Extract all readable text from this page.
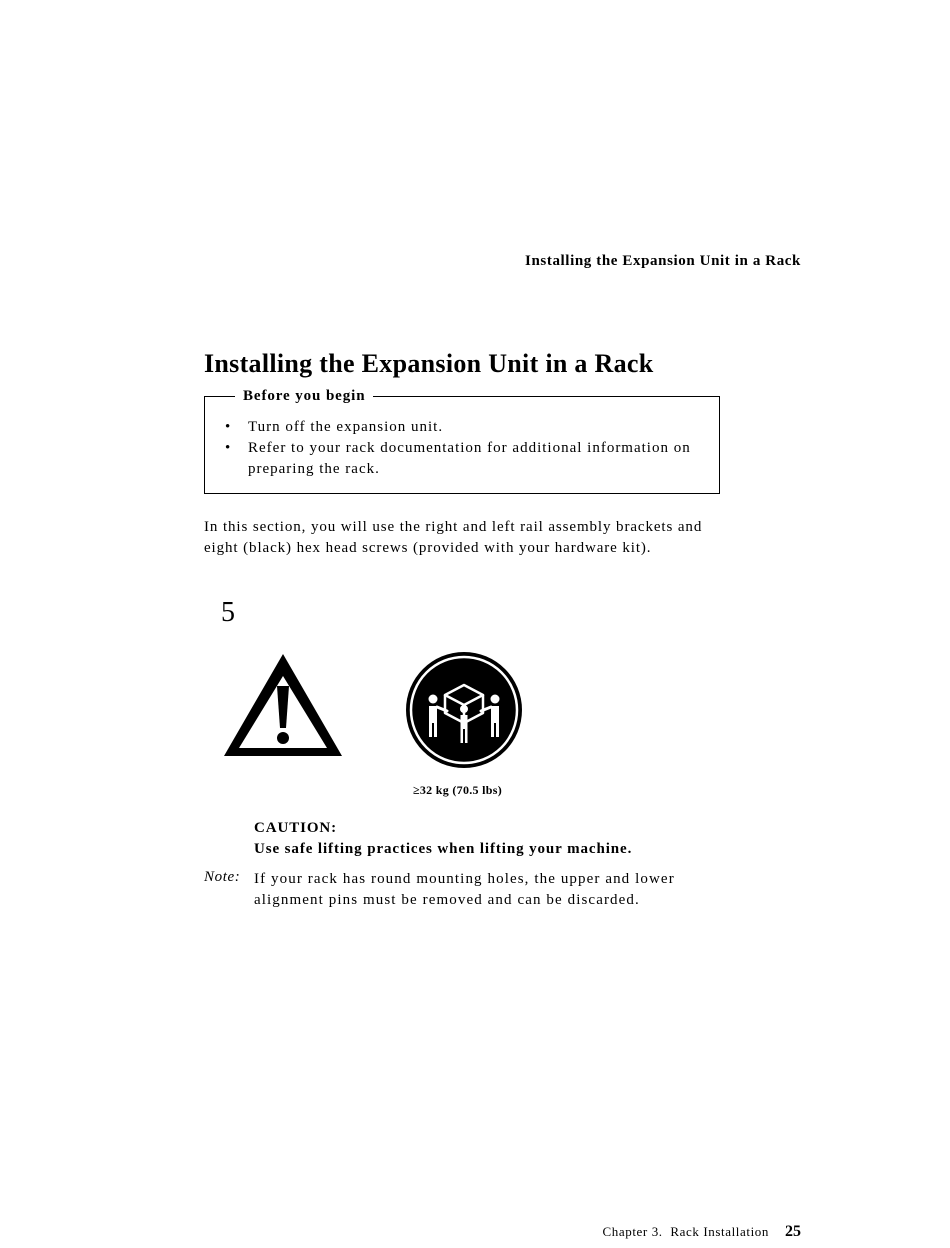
Installing the Expansion Unit in a Rack
Installing the Expansion Unit in a Rack
Before you begin
• Turn off the expansion unit.
• Refer to your rack documentation for additional information on preparing the rack.

In this section, you will use the right and left rail assembly brackets and eight (black) hex head screws (provided with your hardware kit).

5
≥32 kg (70.5 lbs)
CAUTION:
Use safe lifting practices when lifting your machine.
Note: If your rack has round mounting holes, the upper and lower alignment pins must be removed and can be discarded.

Chapter 3.  Rack Installation 25
